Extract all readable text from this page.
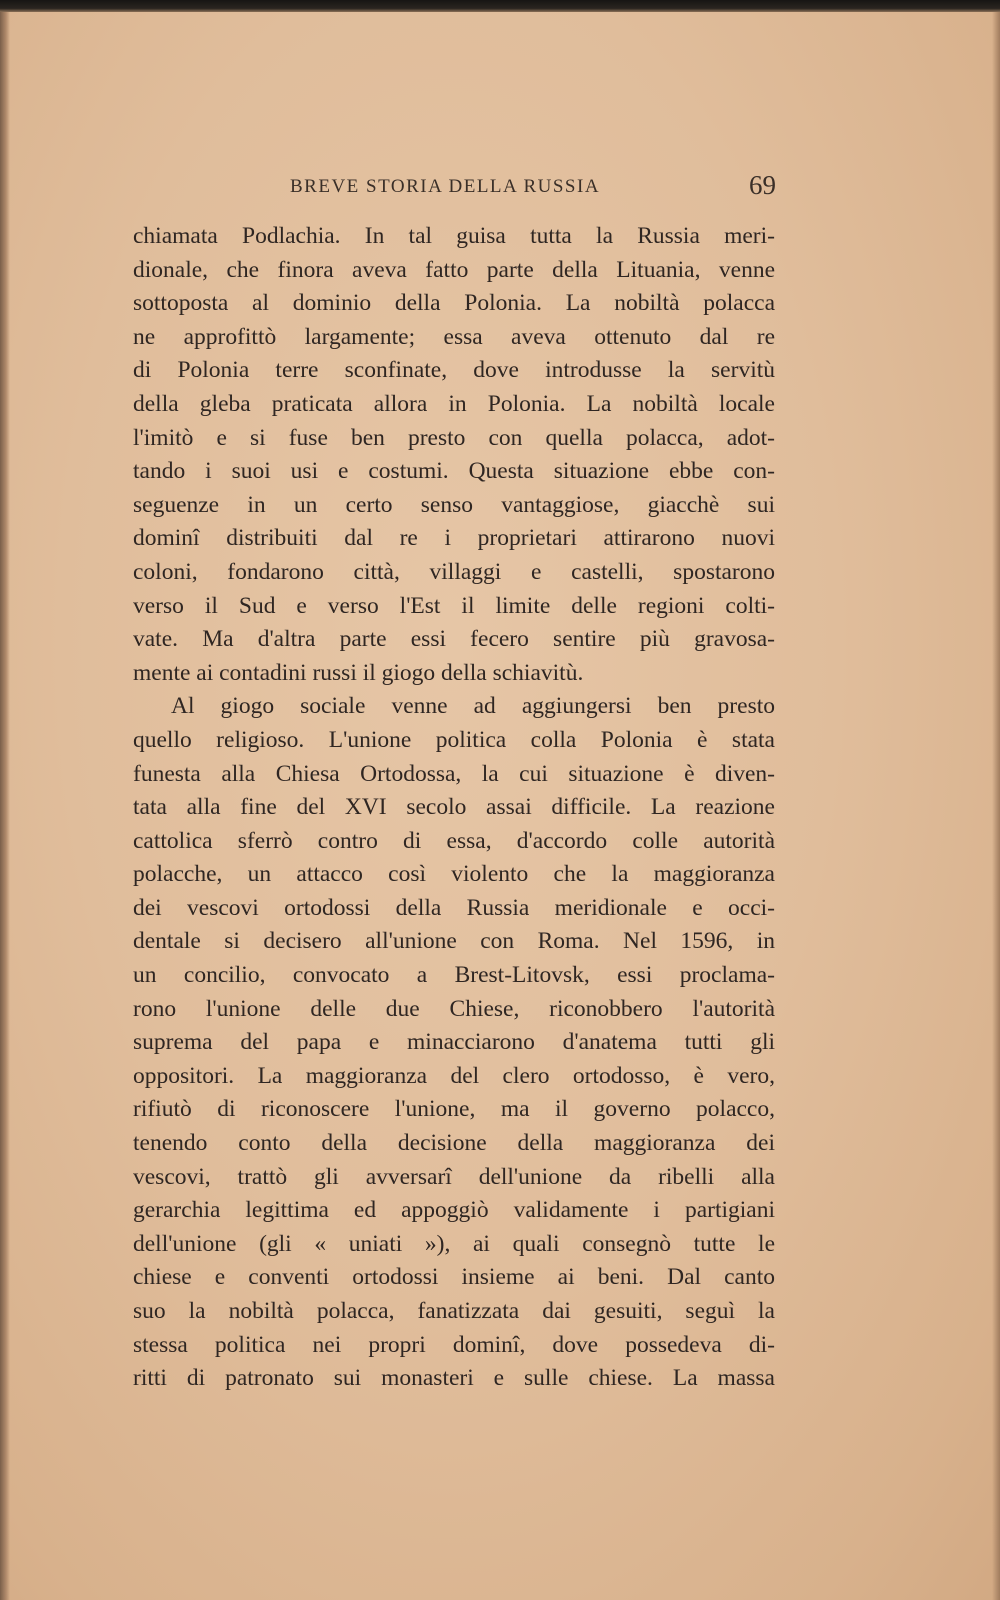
BREVE STORIA DELLA RUSSIA	69
chiamata Podlachia. In tal guisa tutta la Russia meri-
dionale, che finora aveva fatto parte della Lituania, venne
sottoposta al dominio della Polonia. La nobiltà polacca
ne approfittò largamente; essa aveva ottenuto dal re
di Polonia terre sconfinate, dove introdusse la servitù
della gleba praticata allora in Polonia. La nobiltà locale
l'imitò e si fuse ben presto con quella polacca, adot-
tando i suoi usi e costumi. Questa situazione ebbe con-
seguenze in un certo senso vantaggiose, giacchè sui
dominî distribuiti dal re i proprietari attirarono nuovi
coloni, fondarono città, villaggi e castelli, spostarono
verso il Sud e verso l'Est il limite delle regioni colti-
vate. Ma d'altra parte essi fecero sentire più gravosa-
mente ai contadini russi il giogo della schiavitù.
Al giogo sociale venne ad aggiungersi ben presto
quello religioso. L'unione politica colla Polonia è stata
funesta alla Chiesa Ortodossa, la cui situazione è diven-
tata alla fine del XVI secolo assai difficile. La reazione
cattolica sferrò contro di essa, d'accordo colle autorità
polacche, un attacco così violento che la maggioranza
dei vescovi ortodossi della Russia meridionale e occi-
dentale si decisero all'unione con Roma. Nel 1596, in
un concilio, convocato a Brest-Litovsk, essi proclama-
rono l'unione delle due Chiese, riconobbero l'autorità
suprema del papa e minacciarono d'anatema tutti gli
oppositori. La maggioranza del clero ortodosso, è vero,
rifiutò di riconoscere l'unione, ma il governo polacco,
tenendo conto della decisione della maggioranza dei
vescovi, trattò gli avversarî dell'unione da ribelli alla
gerarchia legittima ed appoggiò validamente i partigiani
dell'unione (gli « uniati »), ai quali consegnò tutte le
chiese e conventi ortodossi insieme ai beni. Dal canto
suo la nobiltà polacca, fanatizzata dai gesuiti, seguì la
stessa politica nei propri dominî, dove possedeva di-
ritti di patronato sui monasteri e sulle chiese. La massa
